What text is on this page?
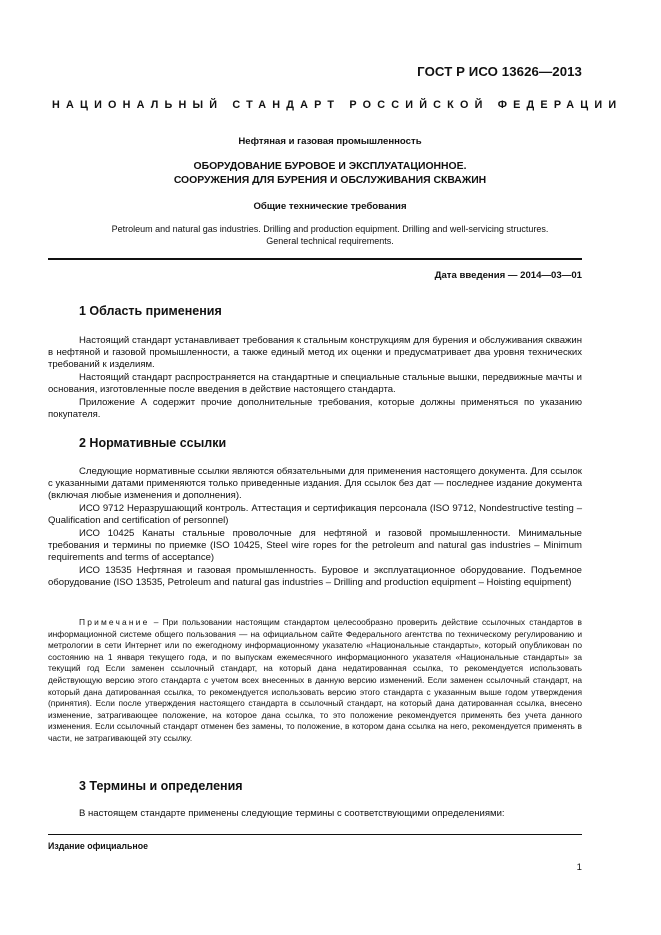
ГОСТ Р ИСО 13626—2013
НАЦИОНАЛЬНЫЙ СТАНДАРТ РОССИЙСКОЙ ФЕДЕРАЦИИ
Нефтяная и газовая промышленность
ОБОРУДОВАНИЕ БУРОВОЕ И ЭКСПЛУАТАЦИОННОЕ.
СООРУЖЕНИЯ ДЛЯ БУРЕНИЯ И ОБСЛУЖИВАНИЯ СКВАЖИН
Общие технические требования
Petroleum and natural gas industries. Drilling and production equipment. Drilling and well-servicing structures.
General technical requirements.
Дата введения — 2014—03—01
1 Область применения

Настоящий стандарт устанавливает требования к стальным конструкциям для бурения и обслуживания скважин в нефтяной и газовой промышленности, а также единый метод их оценки и предусматривает два уровня технических требований к изделиям.

Настоящий стандарт распространяется на стандартные и специальные стальные вышки, передвижные мачты и основания, изготовленные после введения в действие настоящего стандарта.

Приложение А содержит прочие дополнительные требования, которые должны применяться по указанию покупателя.

2 Нормативные ссылки

Следующие нормативные ссылки являются обязательными для применения настоящего документа. Для ссылок с указанными датами применяются только приведенные издания. Для ссылок без дат — последнее издание документа (включая любые изменения и дополнения).

ИСО 9712 Неразрушающий контроль. Аттестация и сертификация персонала (ISO 9712, Nondestructive testing – Qualification and certification of personnel)

ИСО 10425 Канаты стальные проволочные для нефтяной и газовой промышленности. Минимальные требования и термины по приемке (ISO 10425, Steel wire ropes for the petroleum and natural gas industries – Minimum requirements and terms of acceptance)

ИСО 13535 Нефтяная и газовая промышленность. Буровое и эксплуатационное оборудование. Подъемное оборудование (ISO 13535, Petroleum and natural gas industries – Drilling and production equipment – Hoisting equipment)

Примечание – При пользовании настоящим стандартом целесообразно проверить действие ссылочных стандартов в информационной системе общего пользования — на официальном сайте Федерального агентства по техническому регулированию и метрологии в сети Интернет или по ежегодному информационному указателю «Национальные стандарты», который опубликован по состоянию на 1 января текущего года, и по выпускам ежемесячного информационного указателя «Национальные стандарты» за текущий год Если заменен ссылочный стандарт, на который дана недатированная ссылка, то рекомендуется использовать действующую версию этого стандарта с учетом всех внесенных в данную версию изменений. Если заменен ссылочный стандарт, на который дана датированная ссылка, то рекомендуется использовать версию этого стандарта с указанным выше годом утверждения (принятия). Если после утверждения настоящего стандарта в ссылочный стандарт, на который дана датированная ссылка, внесено изменение, затрагивающее положение, на которое дана ссылка, то это положение рекомендуется применять без учета данного изменения. Если ссылочный стандарт отменен без замены, то положение, в котором дана ссылка на него, рекомендуется применять в части, не затрагивающей эту ссылку.

3 Термины и определения

В настоящем стандарте применены следующие термины с соответствующими определениями:

Издание официальное
1
